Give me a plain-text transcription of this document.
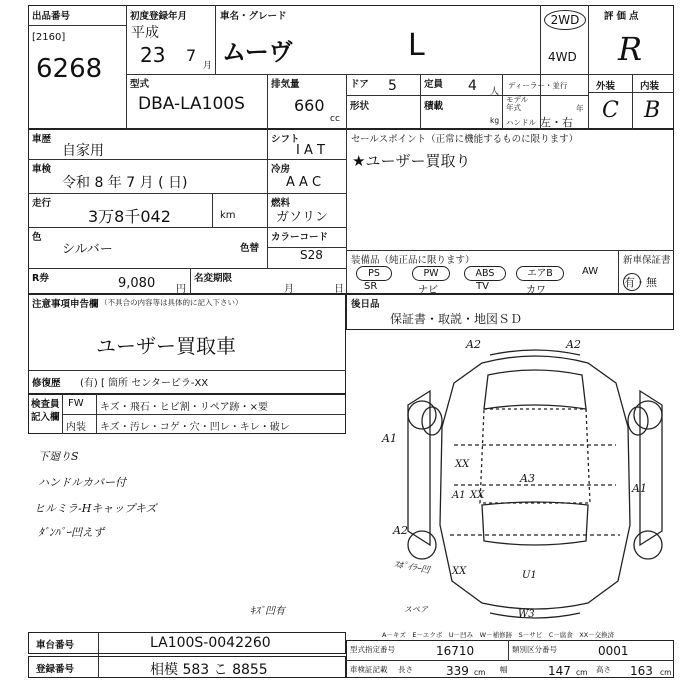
出品番号
[2160]
6268
初度登録年月
平成
23 7
月
車名・グレード
ムーヴ	L
2WD
4WD
評価点
R
外装	内装
C B
型式
DBA-LA100S
排気量
660
cc
ドア 5	定員 4 人
ディーラー・並行
形状	積載
kg
モデル年式	年
ハンドル 左・右
車歴
自家用
車検
令和 8 年 7 月 ( 日)
走行
3万8千042	km
色
シルバー
R券	9,080 円
シフト
I A T
冷房
A A C
燃料
ガソリン
カラーコード
色替	S28
名変期限
月	日
セールスポイント（正常に機能するものに限ります）
★ユーザー買取り
装備品（純正品に限ります）	新車保証書
PS	PW	ABS	エアB	AW
SR	ナビ	TV	カワ
有・無
注意事項申告欄 （不具合の内容等は具体的に記入下さい）
ユーザー買取車
修復歴 (有) [ 箇所 センターピラ-XX
検査員記入欄
FW キズ・飛石・ヒビ割・リペア跡・×要
内装 キズ・汚レ・コゲ・穴・凹レ・キレ・破レ
下廻りS
ハンドルカバー付
ヒルミラ-Hキャップキズ
ﾀﾞﾝﾊﾟｰ凹えず
後日品
保証書・取説・地図ＳＤ
A2	A2
A1
XX
A1 XX
A3
A1
A2
ｽﾎﾟｲﾗｰ凹 XX	U1
スペア	W3
ｷｽﾞ凹有
A－キズ　E－エクボ　U－凹み　W－補修跡　S－サビ　C－腐食　XX－交換済
車台番号	LA100S-0042260
登録番号	相模 583 こ 8855
型式指定番号	16710	類別区分番号	0001
車検証記載 長さ	339 cm 幅	147 cm 高さ 163 cm
